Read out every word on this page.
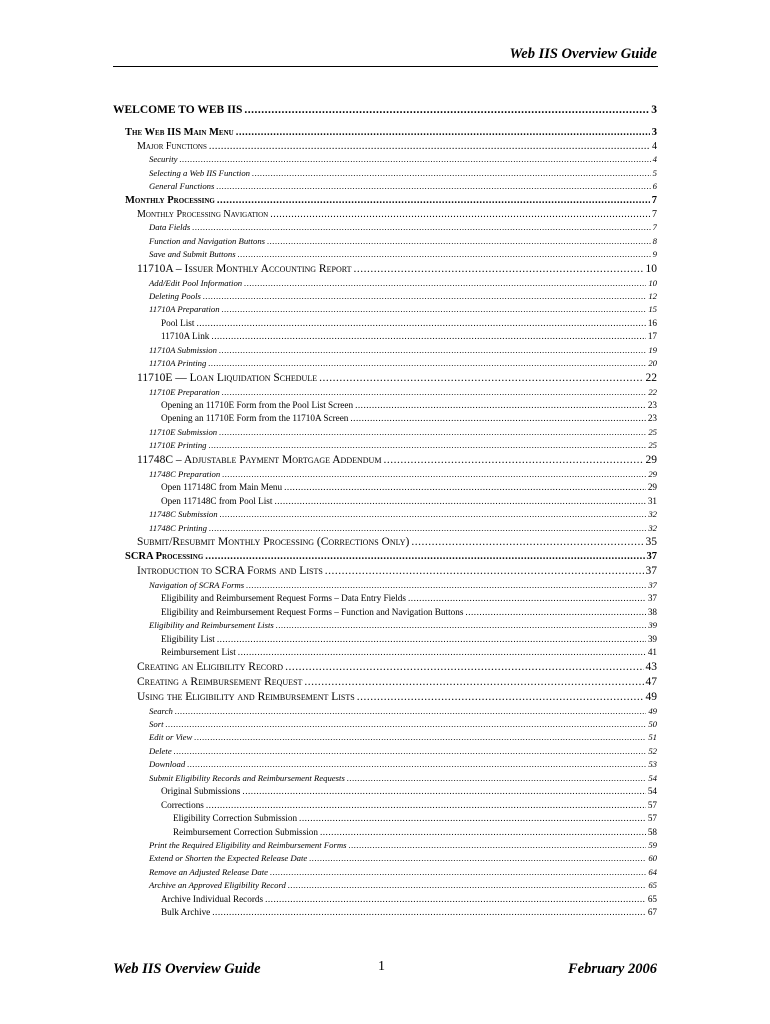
Web IIS Overview Guide
WELCOME TO WEB IIS .....	3
The Web IIS Main Menu .....	3
Major Functions .....	4
Security .....	4
Selecting a Web IIS Function .....	5
General Functions .....	6
Monthly Processing .....	7
Monthly Processing Navigation .....	7
Data Fields .....	7
Function and Navigation Buttons .....	8
Save and Submit Buttons .....	9
11710A – Issuer Monthly Accounting Report .....	10
Add/Edit Pool Information .....	10
Deleting Pools .....	12
11710A Preparation .....	15
Pool List .....	16
11710A Link .....	17
11710A Submission .....	19
11710A Printing .....	20
11710E — Loan Liquidation Schedule .....	22
11710E Preparation .....	22
Opening an 11710E Form from the Pool List Screen .....	23
Opening an 11710E Form from the 11710A Screen .....	23
11710E Submission .....	25
11710E Printing .....	25
11748C – Adjustable Payment Mortgage Addendum .....	29
11748C Preparation .....	29
Open 117148C from Main Menu .....	29
Open 117148C from Pool List .....	31
11748C Submission .....	32
11748C Printing .....	32
Submit/Resubmit Monthly Processing (Corrections Only) .....	35
SCRA Processing .....	37
Introduction to SCRA Forms and Lists .....	37
Navigation of SCRA Forms .....	37
Eligibility and Reimbursement Request Forms – Data Entry Fields .....	37
Eligibility and Reimbursement Request Forms – Function and Navigation Buttons .....	38
Eligibility and Reimbursement Lists .....	39
Eligibility List .....	39
Reimbursement List .....	41
Creating an Eligibility Record .....	43
Creating a Reimbursement Request .....	47
Using the Eligibility and Reimbursement Lists .....	49
Search .....	49
Sort .....	50
Edit or View .....	51
Delete .....	52
Download .....	53
Submit Eligibility Records and Reimbursement Requests .....	54
Original Submissions .....	54
Corrections .....	57
Eligibility Correction Submission .....	57
Reimbursement Correction Submission .....	58
Print the Required Eligibility and Reimbursement Forms .....	59
Extend or Shorten the Expected Release Date .....	60
Remove an Adjusted Release Date .....	64
Archive an Approved Eligibility Record .....	65
Archive Individual Records .....	65
Bulk Archive .....	67
Web IIS Overview Guide	1	February 2006
